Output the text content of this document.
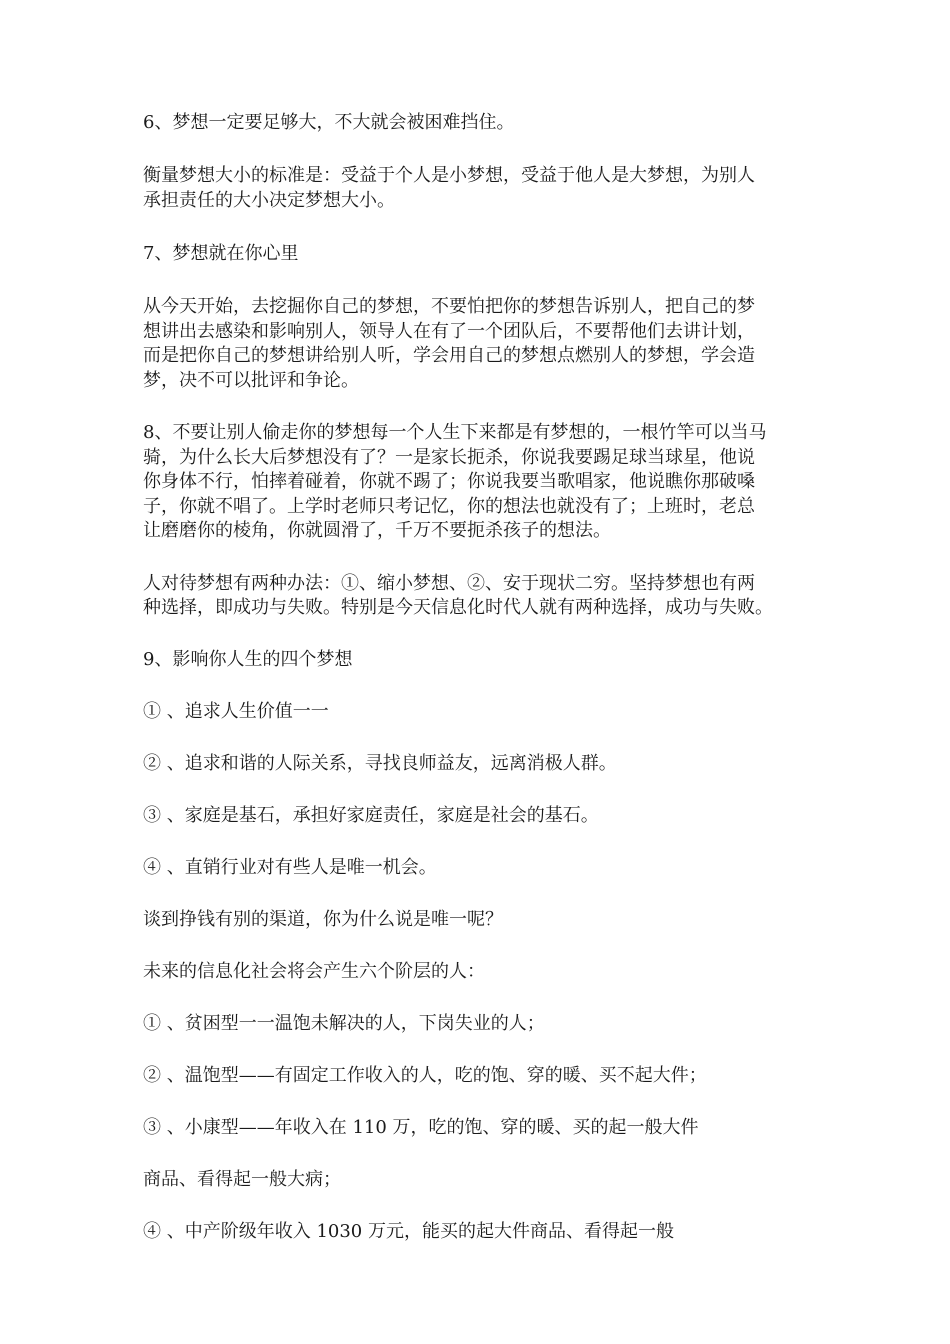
6、梦想一定要足够大，不大就会被困难挡住。

衡量梦想大小的标准是：受益于个人是小梦想，受益于他人是大梦想，为别人
承担责任的大小决定梦想大小。

7、梦想就在你心里

从今天开始，去挖掘你自己的梦想，不要怕把你的梦想告诉别人，把自己的梦
想讲出去感染和影响别人，领导人在有了一个团队后，不要帮他们去讲计划，
而是把你自己的梦想讲给别人听，学会用自己的梦想点燃别人的梦想，学会造
梦，决不可以批评和争论。

8、不要让别人偷走你的梦想每一个人生下来都是有梦想的，一根竹竿可以当马
骑，为什么长大后梦想没有了？一是家长扼杀，你说我要踢足球当球星，他说
你身体不行，怕摔着碰着，你就不踢了；你说我要当歌唱家，他说瞧你那破嗓
子，你就不唱了。上学时老师只考记忆，你的想法也就没有了；上班时，老总
让磨磨你的棱角，你就圆滑了，千万不要扼杀孩子的想法。

人对待梦想有两种办法：①、缩小梦想、②、安于现状二穷。坚持梦想也有两
种选择，即成功与失败。特别是今天信息化时代人就有两种选择，成功与失败。

9、影响你人生的四个梦想

① 、追求人生价值一一

② 、追求和谐的人际关系，寻找良师益友，远离消极人群。

③ 、家庭是基石，承担好家庭责任，家庭是社会的基石。

④ 、直销行业对有些人是唯一机会。

谈到挣钱有别的渠道，你为什么说是唯一呢？

未来的信息化社会将会产生六个阶层的人：

① 、贫困型一一温饱未解决的人，下岗失业的人；

② 、温饱型——有固定工作收入的人，吃的饱、穿的暖、买不起大件；

③ 、小康型——年收入在 110 万，吃的饱、穿的暖、买的起一般大件

商品、看得起一般大病；

④ 、中产阶级年收入 1030 万元，能买的起大件商品、看得起一般
